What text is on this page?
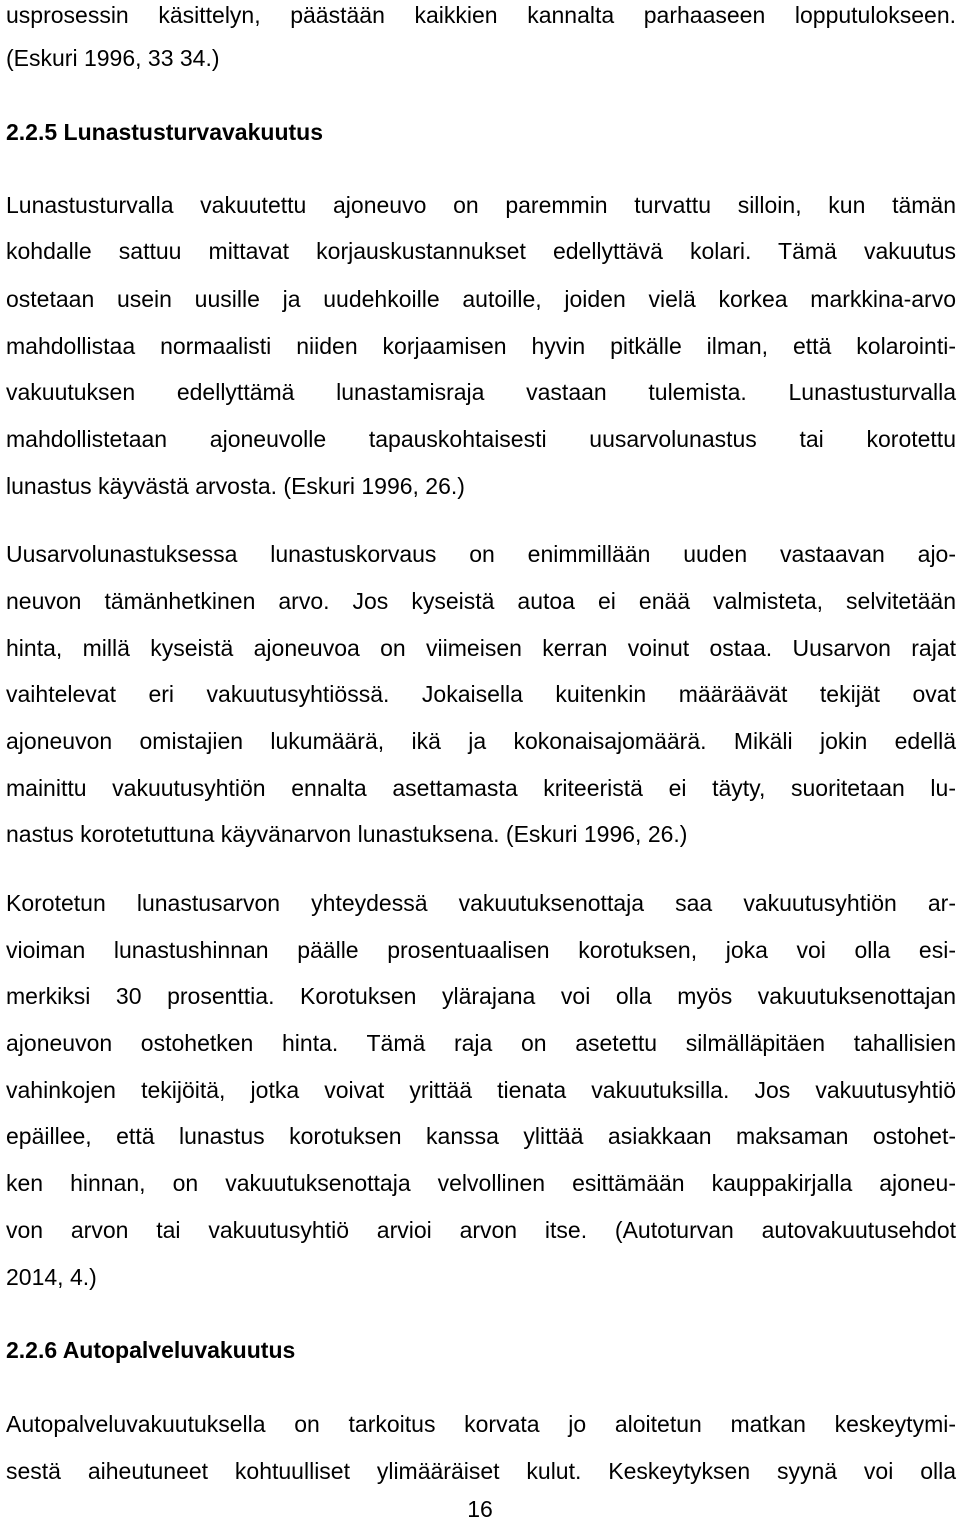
usprosessin käsittelyn, päästään kaikkien kannalta parhaaseen lopputulokseen.
(Eskuri 1996, 33 34.)
2.2.5 Lunastusturvavakuutus
Lunastusturvalla vakuutettu ajoneuvo on paremmin turvattu silloin, kun tämän
kohdalle sattuu mittavat korjauskustannukset edellyttävä kolari. Tämä vakuutus
ostetaan usein uusille ja uudehkoille autoille, joiden vielä korkea markkina-arvo
mahdollistaa normaalisti niiden korjaamisen hyvin pitkälle ilman, että kolarointi-
vakuutuksen edellyttämä lunastamisraja vastaan tulemista. Lunastusturvalla
mahdollistetaan ajoneuvolle tapauskohtaisesti uusarvolunastus tai korotettu
lunastus käyvästä arvosta. (Eskuri 1996, 26.)
Uusarvolunastuksessa lunastuskorvaus on enimmillään uuden vastaavan ajo-
neuvon tämänhetkinen arvo. Jos kyseistä autoa ei enää valmisteta, selvitetään
hinta, millä kyseistä ajoneuvoa on viimeisen kerran voinut ostaa. Uusarvon rajat
vaihtelevat eri vakuutusyhtiössä. Jokaisella kuitenkin määräävät tekijät ovat
ajoneuvon omistajien lukumäärä, ikä ja kokonaisajomäärä. Mikäli jokin edellä
mainittu vakuutusyhtiön ennalta asettamasta kriteeristä ei täyty, suoritetaan lu-
nastus korotetuttuna käyvänarvon lunastuksena. (Eskuri 1996, 26.)
Korotetun lunastusarvon yhteydessä vakuutuksenottaja saa vakuutusyhtiön ar-
vioiman lunastushinnan päälle prosentuaalisen korotuksen, joka voi olla esi-
merkiksi 30 prosenttia. Korotuksen ylärajana voi olla myös vakuutuksenottajan
ajoneuvon ostohetken hinta. Tämä raja on asetettu silmälläpitäen tahallisien
vahinkojen tekijöitä, jotka voivat yrittää tienata vakuutuksilla. Jos vakuutusyhtiö
epäillee, että lunastus korotuksen kanssa ylittää asiakkaan maksaman ostohet-
ken hinnan, on vakuutuksenottaja velvollinen esittämään kauppakirjalla ajoneu-
von arvon tai vakuutusyhtiö arvioi arvon itse. (Autoturvan autovakuutusehdot
2014, 4.)
2.2.6 Autopalveluvakuutus
Autopalveluvakuutuksella on tarkoitus korvata jo aloitetun matkan keskeytymi-
sestä aiheutuneet kohtuulliset ylimääräiset kulut. Keskeytyksen syynä voi olla
16
